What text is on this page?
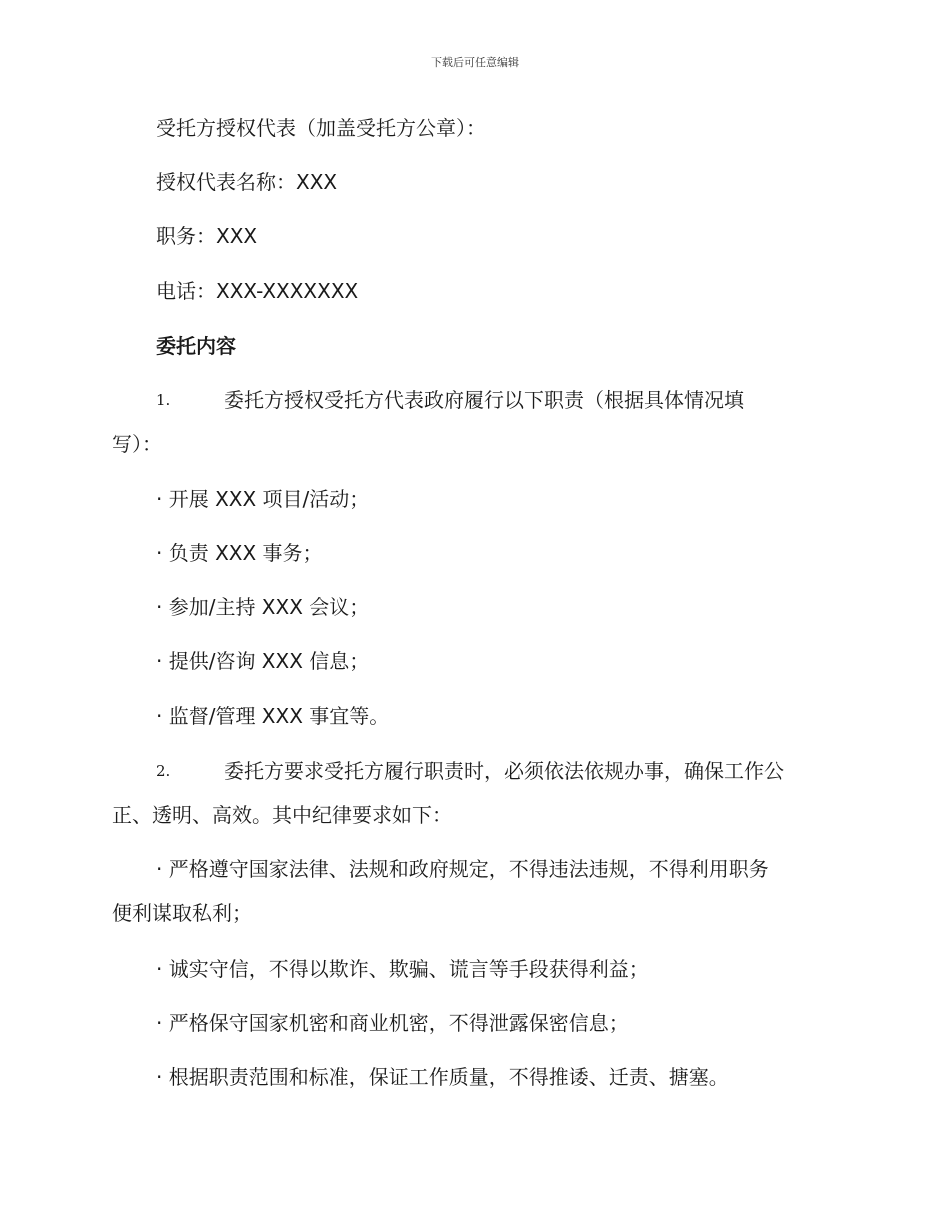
下载后可任意编辑
受托方授权代表（加盖受托方公章）：
授权代表名称：XXX
职务：XXX
电话：XXX-XXXXXXX
委托内容
1.	委托方授权受托方代表政府履行以下职责（根据具体情况填
写）：
· 开展 XXX 项目/活动；
· 负责 XXX 事务；
· 参加/主持 XXX 会议；
· 提供/咨询 XXX 信息；
· 监督/管理 XXX 事宜等。
2.	委托方要求受托方履行职责时，必须依法依规办事，确保工作公
正、透明、高效。其中纪律要求如下：
· 严格遵守国家法律、法规和政府规定，不得违法违规，不得利用职务
便利谋取私利；
· 诚实守信，不得以欺诈、欺骗、谎言等手段获得利益；
· 严格保守国家机密和商业机密，不得泄露保密信息；
· 根据职责范围和标准，保证工作质量，不得推诿、迁责、搪塞。
